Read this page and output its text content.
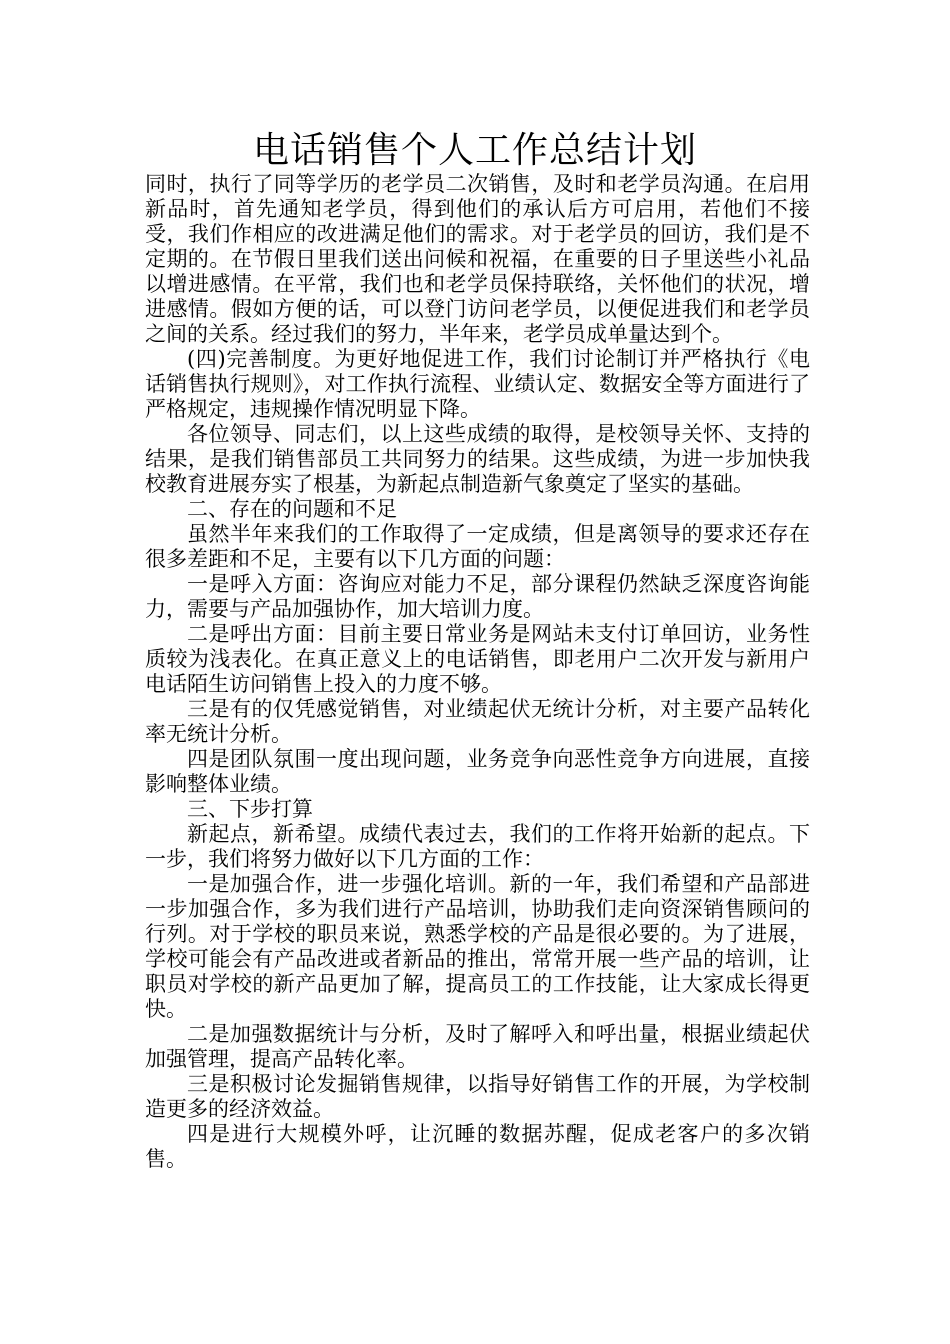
电话销售个人工作总结计划

同时，执行了同等学历的老学员二次销售，及时和老学员沟通。在启用新品时，首先通知老学员，得到他们的承认后方可启用，若他们不接受，我们作相应的改进满足他们的需求。对于老学员的回访，我们是不定期的。在节假日里我们送出问候和祝福，在重要的日子里送些小礼品以增进感情。在平常，我们也和老学员保持联络，关怀他们的状况，增进感情。假如方便的话，可以登门访问老学员，以便促进我们和老学员之间的关系。经过我们的努力，半年来，老学员成单量达到个。

(四)完善制度。为更好地促进工作，我们讨论制订并严格执行《电话销售执行规则》，对工作执行流程、业绩认定、数据安全等方面进行了严格规定，违规操作情况明显下降。

各位领导、同志们，以上这些成绩的取得，是校领导关怀、支持的结果，是我们销售部员工共同努力的结果。这些成绩，为进一步加快我校教育进展夯实了根基，为新起点制造新气象奠定了坚实的基础。

二、存在的问题和不足

虽然半年来我们的工作取得了一定成绩，但是离领导的要求还存在很多差距和不足，主要有以下几方面的问题：

一是呼入方面：咨询应对能力不足，部分课程仍然缺乏深度咨询能力，需要与产品加强协作，加大培训力度。

二是呼出方面：目前主要日常业务是网站未支付订单回访，业务性质较为浅表化。在真正意义上的电话销售，即老用户二次开发与新用户电话陌生访问销售上投入的力度不够。

三是有的仅凭感觉销售，对业绩起伏无统计分析，对主要产品转化率无统计分析。

四是团队氛围一度出现问题，业务竞争向恶性竞争方向进展，直接影响整体业绩。

三、下步打算

新起点，新希望。成绩代表过去，我们的工作将开始新的起点。下一步，我们将努力做好以下几方面的工作：

一是加强合作，进一步强化培训。新的一年，我们希望和产品部进一步加强合作，多为我们进行产品培训，协助我们走向资深销售顾问的行列。对于学校的职员来说，熟悉学校的产品是很必要的。为了进展，学校可能会有产品改进或者新品的推出，常常开展一些产品的培训，让职员对学校的新产品更加了解，提高员工的工作技能，让大家成长得更快。

二是加强数据统计与分析，及时了解呼入和呼出量，根据业绩起伏加强管理，提高产品转化率。

三是积极讨论发掘销售规律，以指导好销售工作的开展，为学校制造更多的经济效益。

四是进行大规模外呼，让沉睡的数据苏醒，促成老客户的多次销售。
